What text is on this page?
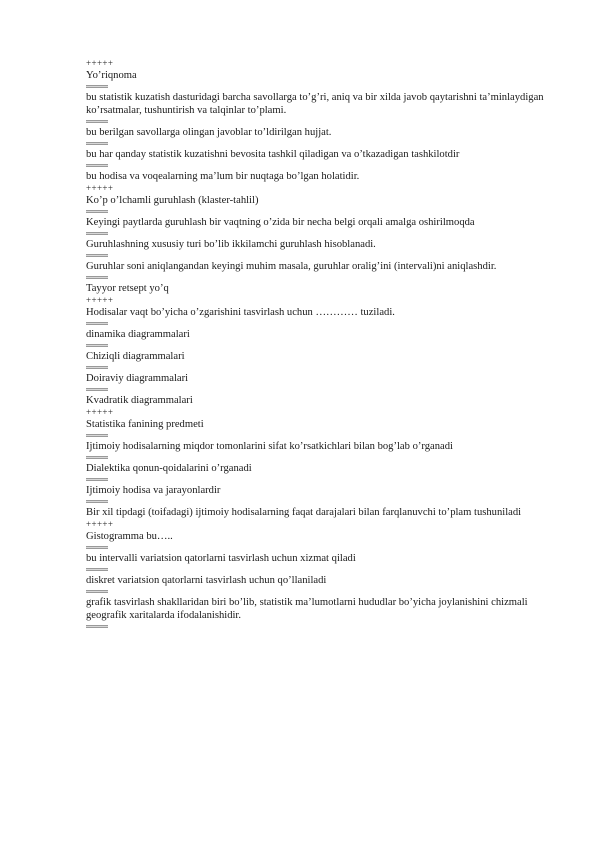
+++++
Yo’riqnoma
bu statistik kuzatish dasturidagi barcha savollarga to’g’ri, aniq va bir xilda javob qaytarishni ta’minlaydigan ko’rsatmalar, tushuntirish va talqinlar to’plami.
bu berilgan savollarga olingan javoblar to’ldirilgan hujjat.
bu har qanday statistik kuzatishni bevosita tashkil qiladigan va o’tkazadigan tashkilotdir
bu hodisa va voqealarning ma’lum bir nuqtaga bo’lgan holatidir.
+++++
Ko’p o’lchamli guruhlash (klaster-tahlil)
Keyingi paytlarda guruhlash bir vaqtning o’zida bir necha belgi orqali amalga oshirilmoqda
Guruhlashning xususiy turi bo’lib ikkilamchi guruhlash hisoblanadi.
Guruhlar soni aniqlangandan keyingi muhim masala, guruhlar oralig’ini (intervali)ni aniqlashdir.
Tayyor retsept yo’q
+++++
Hodisalar vaqt bo’yicha o’zgarishini tasvirlash uchun ………… tuziladi.
dinamika diagrammalari
Chiziqli diagrammalari
Doiraviy diagrammalari
Kvadratik diagrammalari
+++++
Statistika fanining predmeti
Ijtimoiy hodisalarning miqdor tomonlarini sifat ko’rsatkichlari bilan bog’lab o’rganadi
Dialektika qonun-qoidalarini o’rganadi
Ijtimoiy hodisa va jarayonlardir
Bir xil tipdagi (toifadagi) ijtimoiy hodisalarning faqat darajalari bilan farqlanuvchi to’plam tushuniladi
+++++
Gistogramma bu…..
bu intervalli variatsion qatorlarni tasvirlash uchun xizmat qiladi
diskret variatsion qatorlarni tasvirlash uchun qo’llaniladi
grafik tasvirlash shakllaridan biri bo’lib, statistik ma’lumotlarni hududlar bo’yicha joylanishini chizmali geografik xaritalarda ifodalanishidir.
